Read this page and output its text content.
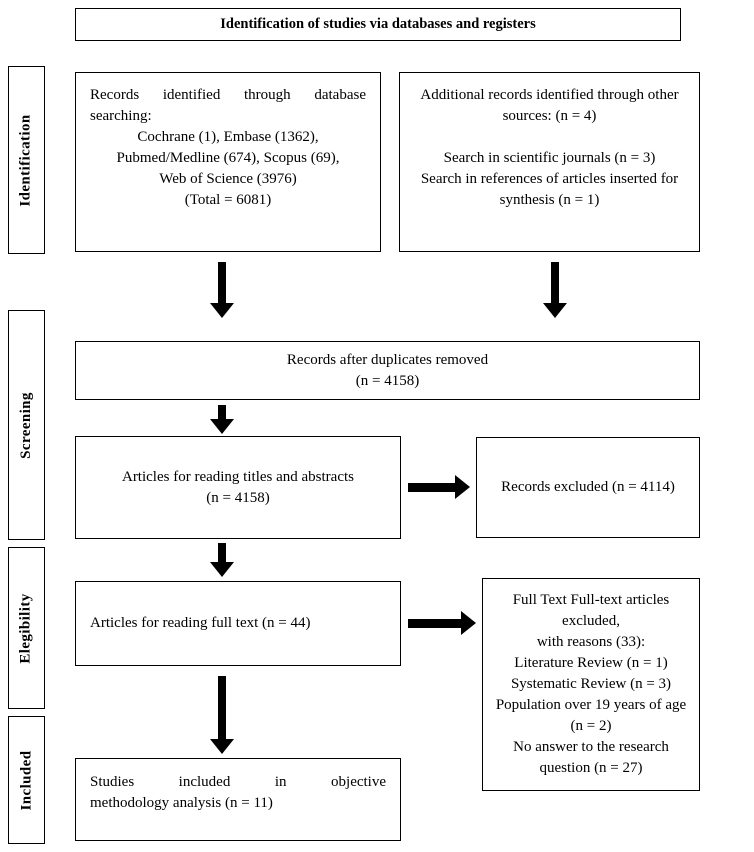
Identification of studies via databases and registers
Identification
Screening
Elegibility
Included
Records identified through database
searching:
Cochrane (1), Embase (1362),
Pubmed/Medline (674), Scopus (69),
Web of Science (3976)
(Total = 6081)
Additional records identified through other sources: (n = 4)
Search in scientific journals (n = 3)
Search in references of articles inserted for synthesis (n = 1)
Records after duplicates removed
(n = 4158)
Articles for reading titles and abstracts
(n = 4158)
Records excluded (n = 4114)
Articles for reading full text (n = 44)
Full Text Full-text articles excluded,
with reasons (33):
Literature Review (n = 1)
Systematic Review (n = 3)
Population over 19 years of age (n = 2)
No answer to the research question (n = 27)
Studies included in objective
methodology analysis (n = 11)
